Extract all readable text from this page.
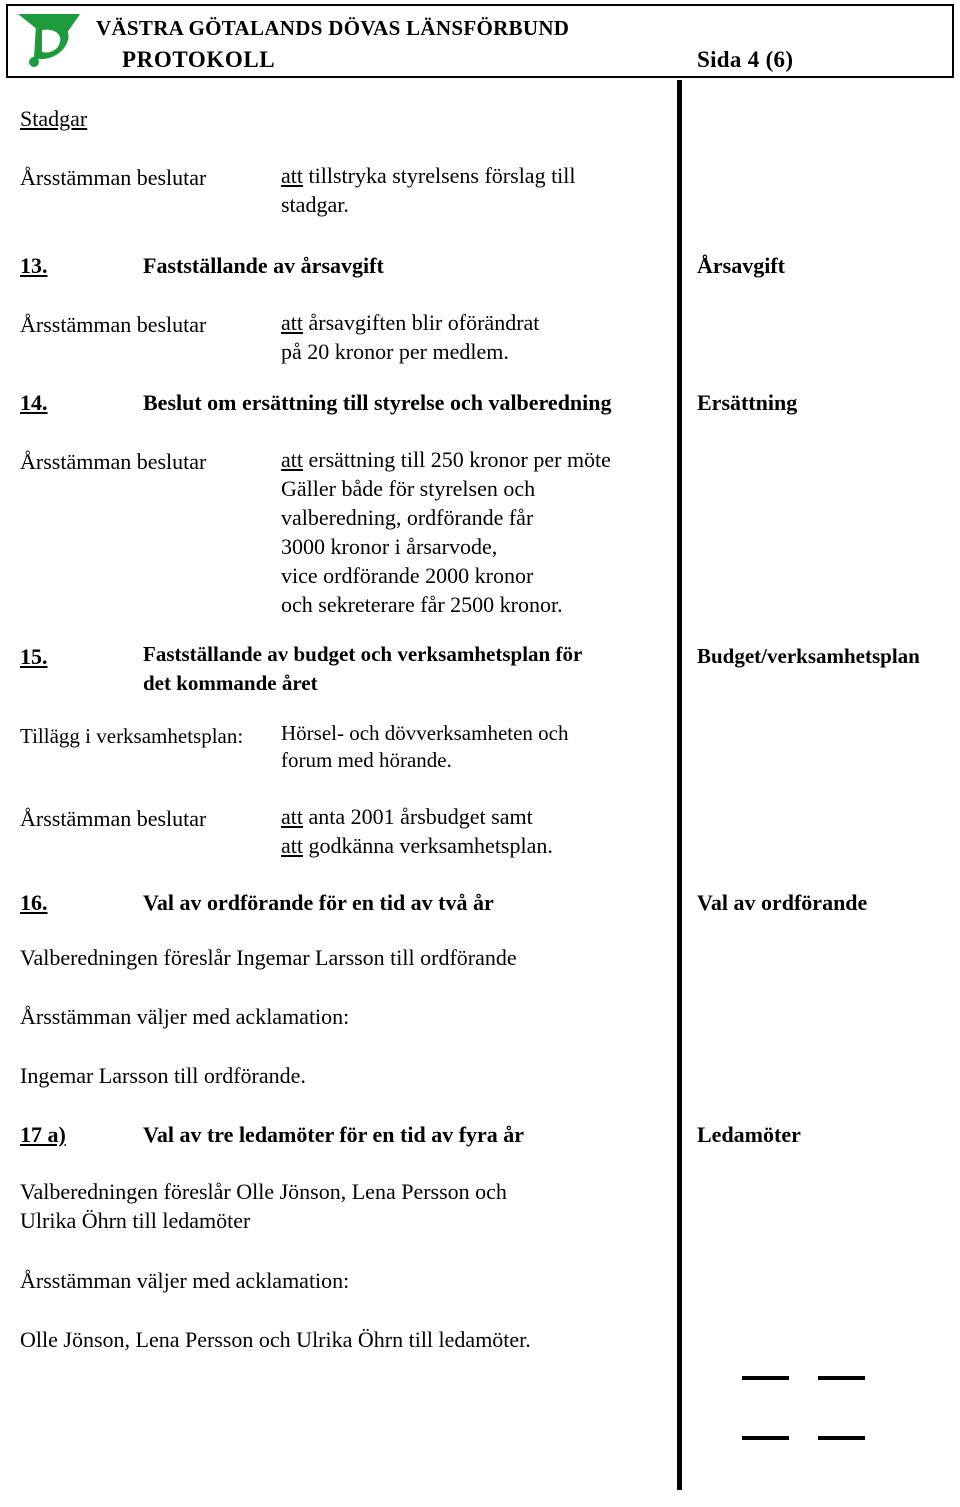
VÄSTRA GÖTALANDS DÖVAS LÄNSFÖRBUND
PROTOKOLL	Sida 4 (6)
Stadgar
Årsstämman beslutar	att tillstryka styrelsens förslag till
stadgar.
13.	Fastställande av årsavgift	Årsavgift
Årsstämman beslutar	att årsavgiften blir oförändrat
på 20 kronor per medlem.
14.	Beslut om ersättning till styrelse och valberedning	Ersättning
Årsstämman beslutar	att ersättning till 250 kronor per möte
Gäller både för styrelsen och
valberedning, ordförande får
3000 kronor i årsarvode,
vice ordförande 2000 kronor
och sekreterare får 2500 kronor.
15.	Fastställande av budget och verksamhetsplan för
det kommande året
Budget/verksamhetsplan
Tillägg i verksamhetsplan: Hörsel- och dövverksamheten och
forum med hörande.
Årsstämman beslutar	att anta 2001 årsbudget samt
att godkänna verksamhetsplan.
16.	Val av ordförande för en tid av två år	Val av ordförande
Valberedningen föreslår Ingemar Larsson till ordförande
Årsstämman väljer med acklamation:
Ingemar Larsson till ordförande.
17 a)	Val av tre ledamöter för en tid av fyra år	Ledamöter
Valberedningen föreslår Olle Jönson, Lena Persson och
Ulrika Öhrn till ledamöter
Årsstämman väljer med acklamation:
Olle Jönson, Lena Persson och Ulrika Öhrn till ledamöter.
